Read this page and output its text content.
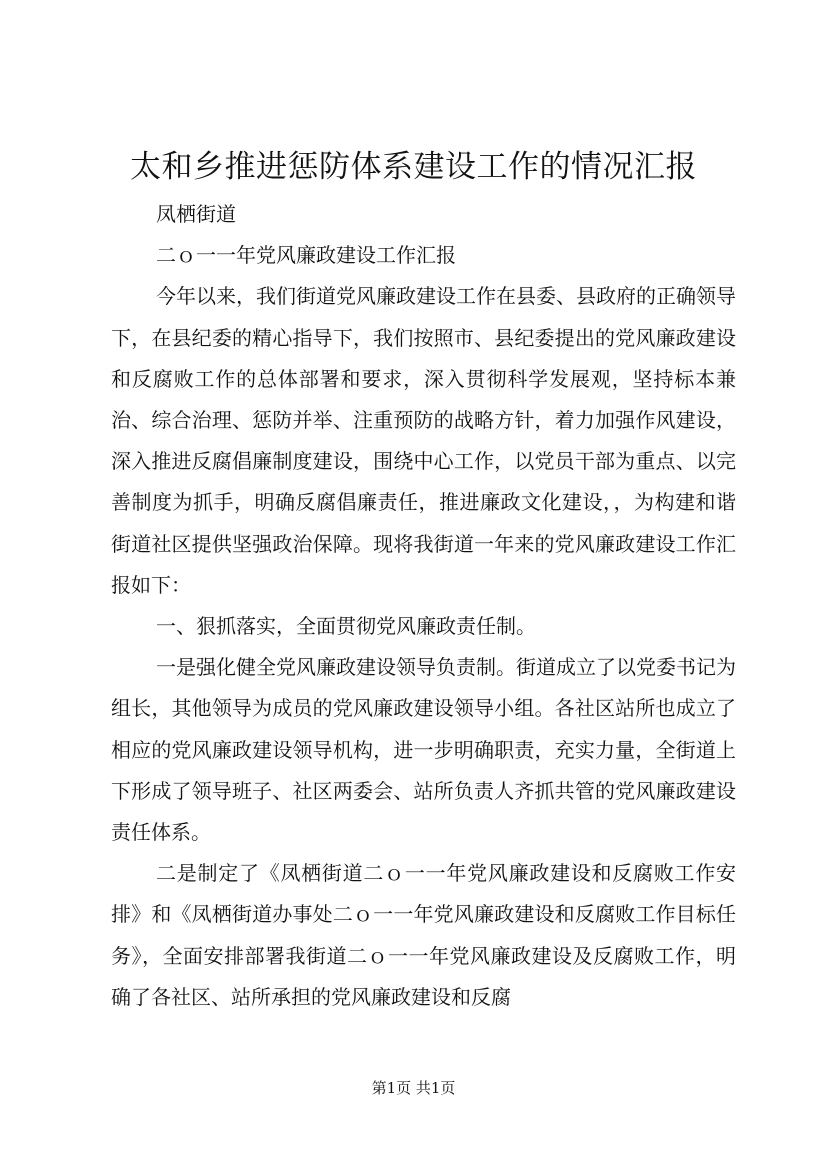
太和乡推进惩防体系建设工作的情况汇报

凤栖街道

二ｏ一一年党风廉政建设工作汇报

今年以来，我们街道党风廉政建设工作在县委、县政府的正确领导下，在县纪委的精心指导下，我们按照市、县纪委提出的党风廉政建设和反腐败工作的总体部署和要求，深入贯彻科学发展观，坚持标本兼治、综合治理、惩防并举、注重预防的战略方针，着力加强作风建设，深入推进反腐倡廉制度建设，围绕中心工作，以党员干部为重点、以完善制度为抓手，明确反腐倡廉责任，推进廉政文化建设，，为构建和谐街道社区提供坚强政治保障。现将我街道一年来的党风廉政建设工作汇报如下：

一、狠抓落实，全面贯彻党风廉政责任制。

一是强化健全党风廉政建设领导负责制。街道成立了以党委书记为组长，其他领导为成员的党风廉政建设领导小组。各社区站所也成立了相应的党风廉政建设领导机构，进一步明确职责，充实力量，全街道上下形成了领导班子、社区两委会、站所负责人齐抓共管的党风廉政建设责任体系。

二是制定了《凤栖街道二ｏ一一年党风廉政建设和反腐败工作安排》和《凤栖街道办事处二ｏ一一年党风廉政建设和反腐败工作目标任务》，全面安排部署我街道二ｏ一一年党风廉政建设及反腐败工作，明确了各社区、站所承担的党风廉政建设和反腐

第1页 共1页
